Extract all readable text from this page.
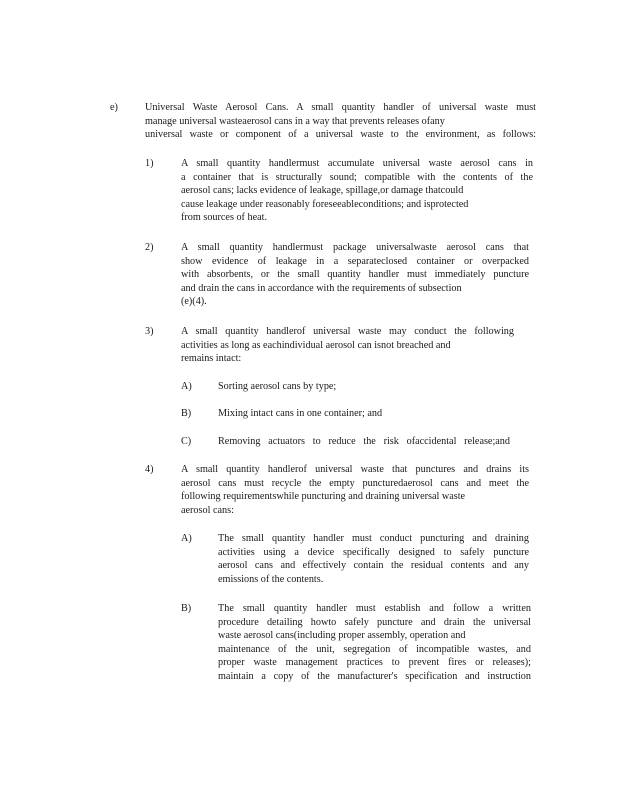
e)	Universal Waste Aerosol Cans. A small quantity handler of universal waste must
manage universal wasteaerosol cans in a way that prevents releases ofany
universal waste or component of a universal waste to the environment, as follows:
1)	A small quantity handlermust accumulate universal waste aerosol cans in
a container that is structurally sound; compatible with the contents of the
aerosol cans; lacks evidence of leakage, spillage,or damage thatcould
cause leakage under reasonably foreseeableconditions; and isprotected
from sources of heat.
2)	A small quantity handlermust package universalwaste aerosol cans that
show evidence of leakage in a separateclosed container or overpacked
with absorbents, or the small quantity handler must immediately puncture
and drain the cans in accordance with the requirements of subsection
(e)(4).
3)	A small quantity handlerof universal waste may conduct the following
activities as long as eachindividual aerosol can isnot breached and
remains intact:
A)	Sorting aerosol cans by type;
B)	Mixing intact cans in one container; and
C)	Removing actuators to reduce the risk ofaccidental release;and
4)	A small quantity handlerof universal waste that punctures and drains its
aerosol cans must recycle the empty puncturedaerosol cans and meet the
following requirementswhile puncturing and draining universal waste
aerosol cans:
A)	The small quantity handler must conduct puncturing and draining
activities using a device specifically designed to safely puncture
aerosol cans and effectively contain the residual contents and any
emissions of the contents.
B)	The small quantity handler must establish and follow a written
procedure detailing howto safely puncture and drain the universal
waste aerosol cans(including proper assembly, operation and
maintenance of the unit, segregation of incompatible wastes, and
proper waste management practices to prevent fires or releases);
maintain a copy of the manufacturer's specification and instruction
